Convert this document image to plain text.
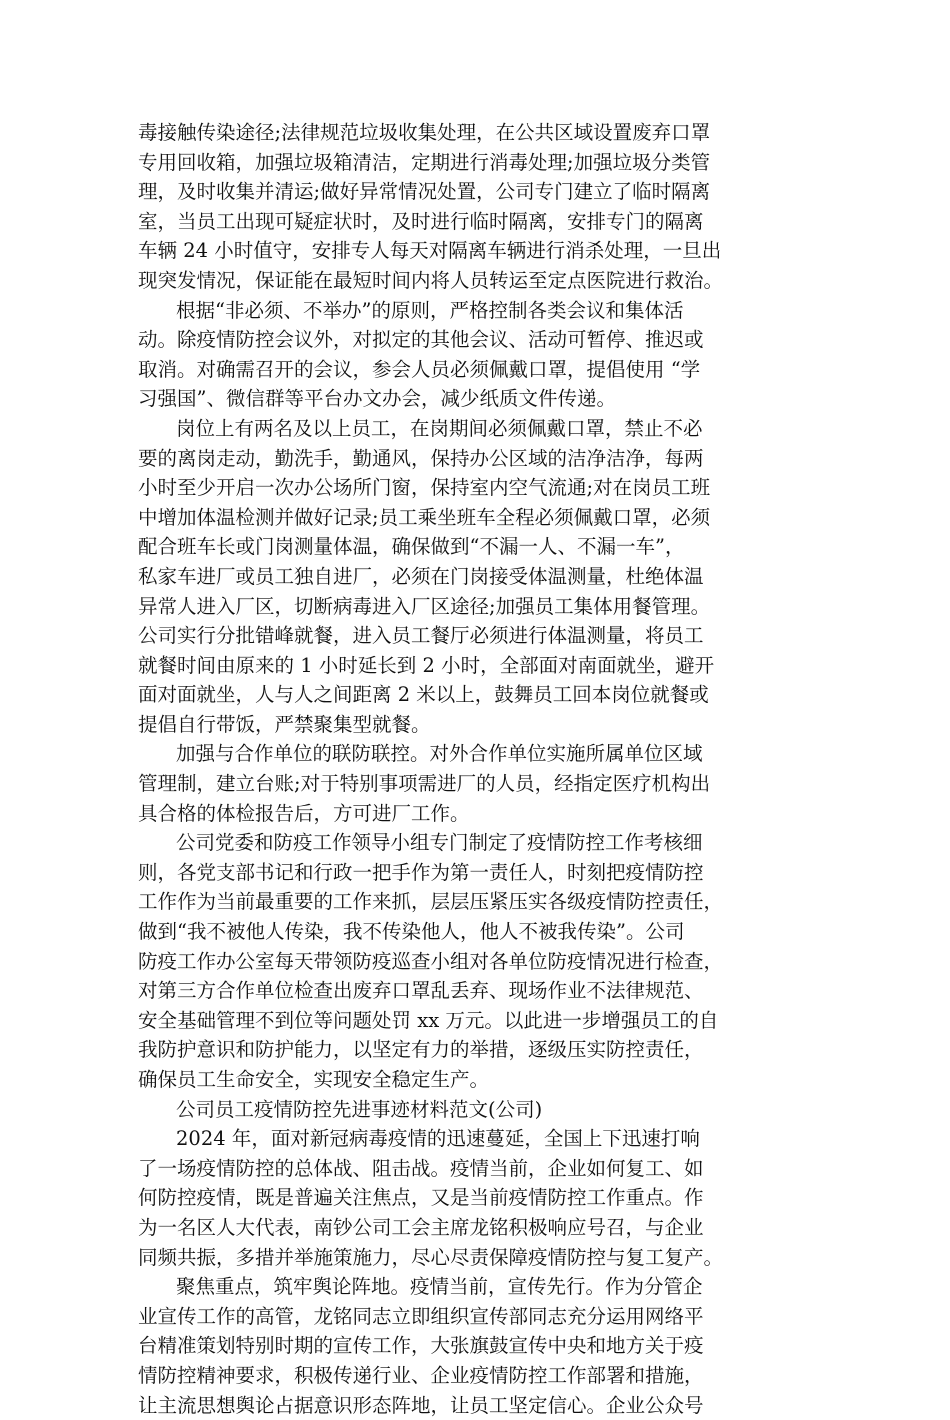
毒接触传染途径;法律规范垃圾收集处理，在公共区域设置废弃口罩
专用回收箱，加强垃圾箱清洁，定期进行消毒处理;加强垃圾分类管
理，及时收集并清运;做好异常情况处置，公司专门建立了临时隔离
室，当员工出现可疑症状时，及时进行临时隔离，安排专门的隔离
车辆 24 小时值守，安排专人每天对隔离车辆进行消杀处理，一旦出
现突发情况，保证能在最短时间内将人员转运至定点医院进行救治。
根据“非必须、不举办”的原则，严格控制各类会议和集体活
动。除疫情防控会议外，对拟定的其他会议、活动可暂停、推迟或
取消。对确需召开的会议，参会人员必须佩戴口罩，提倡使用 “学
习强国”、微信群等平台办文办会，减少纸质文件传递。
岗位上有两名及以上员工，在岗期间必须佩戴口罩，禁止不必
要的离岗走动，勤洗手，勤通风，保持办公区域的洁净洁净，每两
小时至少开启一次办公场所门窗，保持室内空气流通;对在岗员工班
中增加体温检测并做好记录;员工乘坐班车全程必须佩戴口罩，必须
配合班车长或门岗测量体温，确保做到“不漏一人、不漏一车”，
私家车进厂或员工独自进厂，必须在门岗接受体温测量，杜绝体温
异常人进入厂区，切断病毒进入厂区途径;加强员工集体用餐管理。
公司实行分批错峰就餐，进入员工餐厅必须进行体温测量，将员工
就餐时间由原来的 1 小时延长到 2 小时，全部面对南面就坐，避开
面对面就坐，人与人之间距离 2 米以上，鼓舞员工回本岗位就餐或
提倡自行带饭，严禁聚集型就餐。
加强与合作单位的联防联控。对外合作单位实施所属单位区域
管理制，建立台账;对于特别事项需进厂的人员，经指定医疗机构出
具合格的体检报告后，方可进厂工作。
公司党委和防疫工作领导小组专门制定了疫情防控工作考核细
则，各党支部书记和行政一把手作为第一责任人，时刻把疫情防控
工作作为当前最重要的工作来抓，层层压紧压实各级疫情防控责任，
做到“我不被他人传染，我不传染他人，他人不被我传染”。公司
防疫工作办公室每天带领防疫巡查小组对各单位防疫情况进行检查，
对第三方合作单位检查出废弃口罩乱丢弃、现场作业不法律规范、
安全基础管理不到位等问题处罚 xx 万元。以此进一步增强员工的自
我防护意识和防护能力，以坚定有力的举措，逐级压实防控责任，
确保员工生命安全，实现安全稳定生产。
公司员工疫情防控先进事迹材料范文(公司)
2024 年，面对新冠病毒疫情的迅速蔓延，全国上下迅速打响
了一场疫情防控的总体战、阻击战。疫情当前，企业如何复工、如
何防控疫情，既是普遍关注焦点，又是当前疫情防控工作重点。作
为一名区人大代表，南钞公司工会主席龙铭积极响应号召，与企业
同频共振，多措并举施策施力，尽心尽责保障疫情防控与复工复产。
聚焦重点，筑牢舆论阵地。疫情当前，宣传先行。作为分管企
业宣传工作的高管，龙铭同志立即组织宣传部同志充分运用网络平
台精准策划特别时期的宣传工作，大张旗鼓宣传中央和地方关于疫
情防控精神要求，积极传递行业、企业疫情防控工作部署和措施，
让主流思想舆论占据意识形态阵地，让员工坚定信心。企业公众号
